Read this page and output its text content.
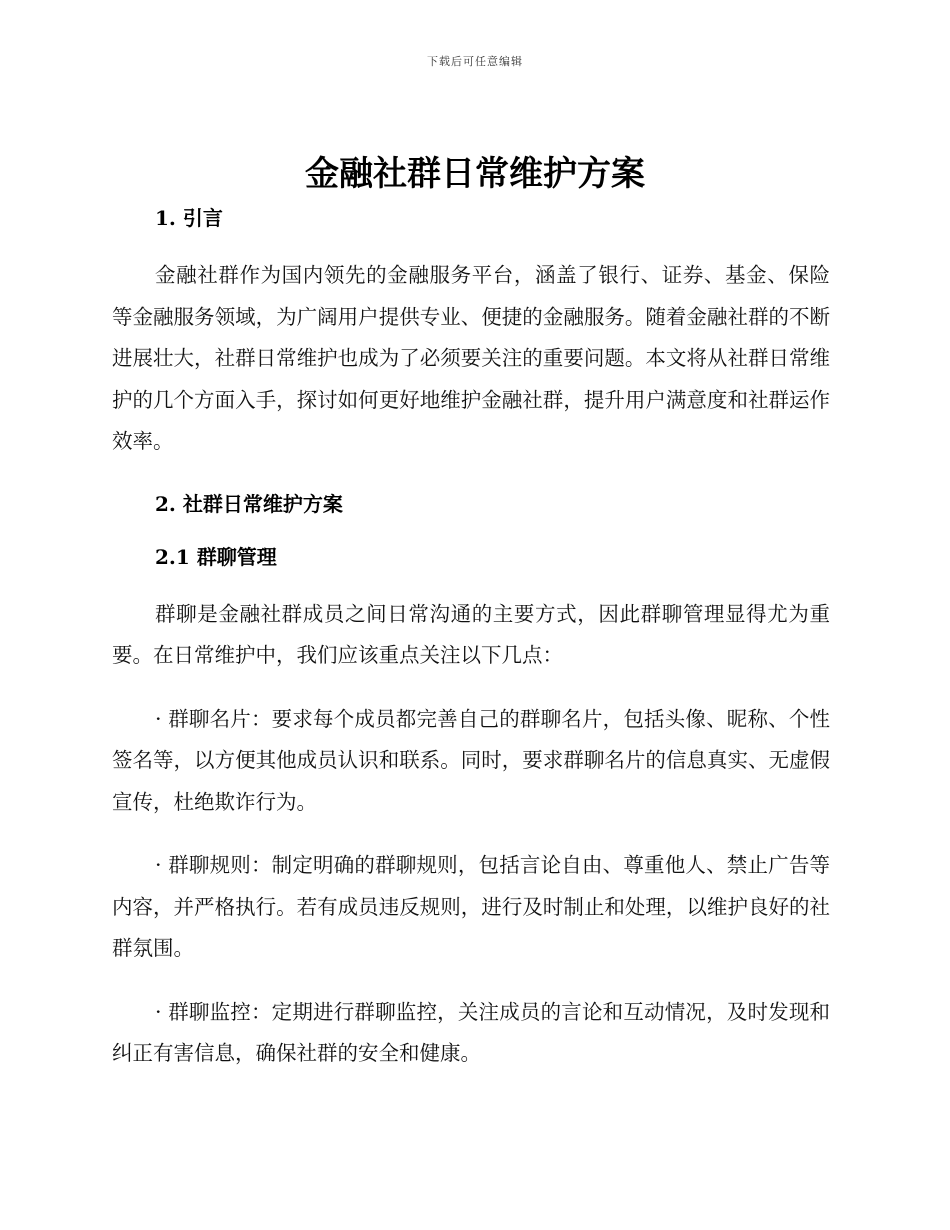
下载后可任意编辑
金融社群日常维护方案
1. 引言

金融社群作为国内领先的金融服务平台，涵盖了银行、证券、基金、保险等金融服务领域，为广阔用户提供专业、便捷的金融服务。随着金融社群的不断进展壮大，社群日常维护也成为了必须要关注的重要问题。本文将从社群日常维护的几个方面入手，探讨如何更好地维护金融社群，提升用户满意度和社群运作效率。

2. 社群日常维护方案
2.1 群聊管理

群聊是金融社群成员之间日常沟通的主要方式，因此群聊管理显得尤为重要。在日常维护中，我们应该重点关注以下几点：

· 群聊名片：要求每个成员都完善自己的群聊名片，包括头像、昵称、个性签名等，以方便其他成员认识和联系。同时，要求群聊名片的信息真实、无虚假宣传，杜绝欺诈行为。

· 群聊规则：制定明确的群聊规则，包括言论自由、尊重他人、禁止广告等内容，并严格执行。若有成员违反规则，进行及时制止和处理，以维护良好的社群氛围。

· 群聊监控：定期进行群聊监控，关注成员的言论和互动情况，及时发现和纠正有害信息，确保社群的安全和健康。
